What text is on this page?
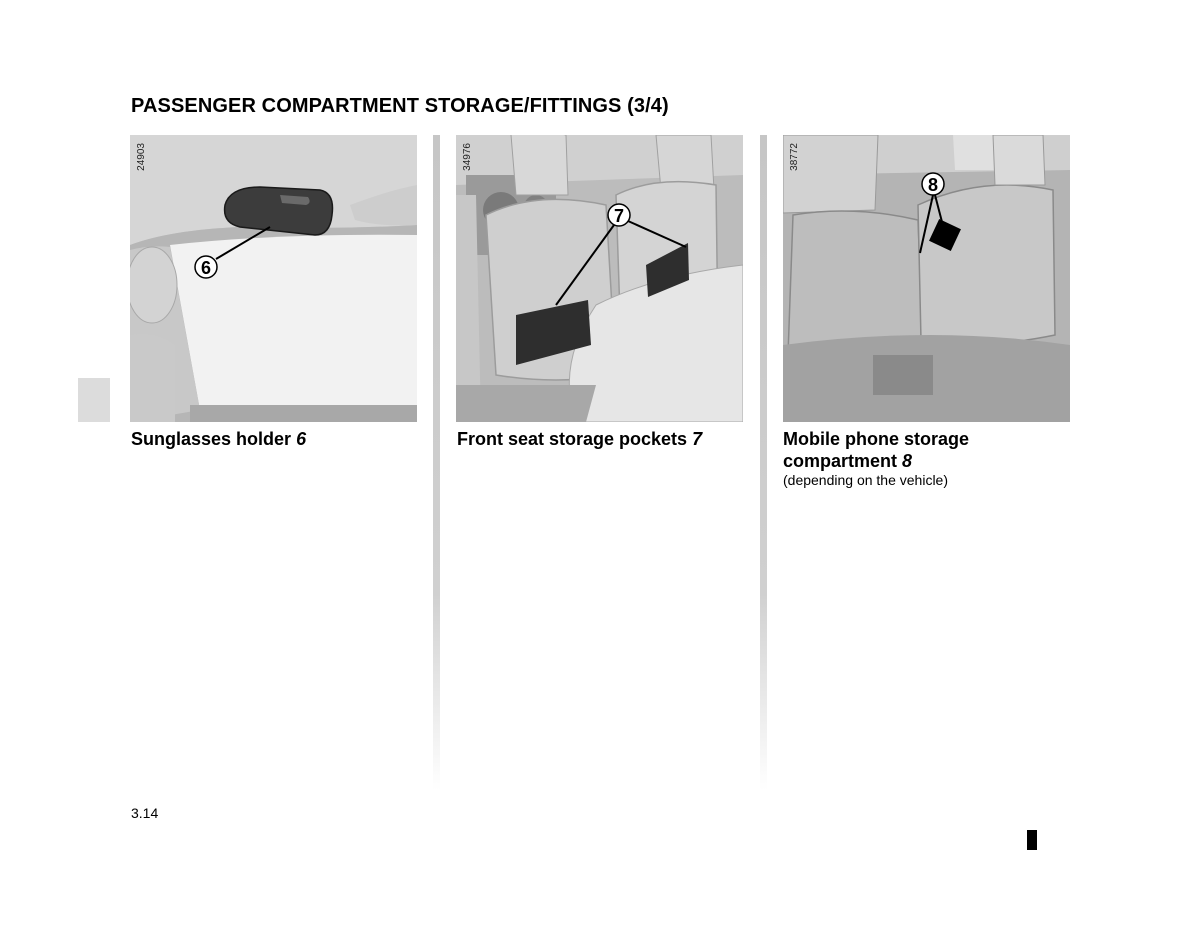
PASSENGER COMPARTMENT STORAGE/FITTINGS (3/4)
6
24903
Sunglasses holder 6
7
34976
Front seat storage pockets 7
8
38772
Mobile phone storage
compartment 8
(depending on the vehicle)
3.14
